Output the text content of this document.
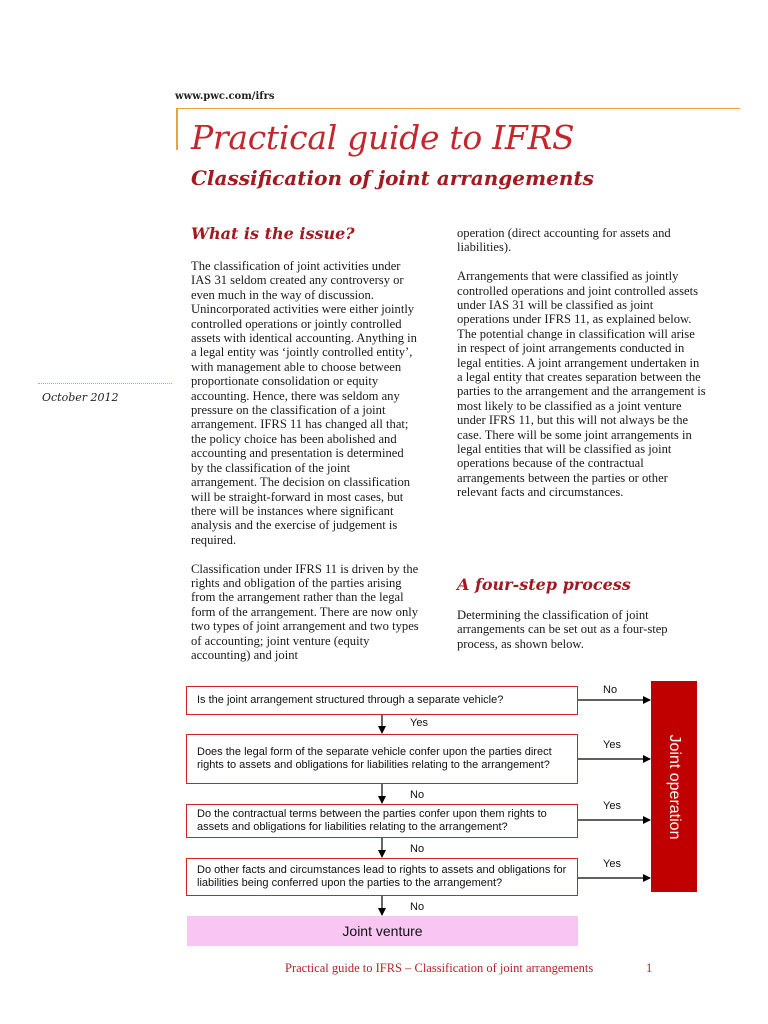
www.pwc.com/ifrs
Practical guide to IFRS
Classification of joint arrangements
October 2012
What is the issue?

The classification of joint activities under IAS 31 seldom created any controversy or even much in the way of discussion. Unincorporated activities were either jointly controlled operations or jointly controlled assets with identical accounting. Anything in a legal entity was ‘jointly controlled entity’, with management able to choose between proportionate consolidation or equity accounting. Hence, there was seldom any pressure on the classification of a joint arrangement. IFRS 11 has changed all that; the policy choice has been abolished and accounting and presentation is determined by the classification of the joint arrangement. The decision on classification will be straight-forward in most cases, but there will be instances where significant analysis and the exercise of judgement is required.

Classification under IFRS 11 is driven by the rights and obligation of the parties arising from the arrangement rather than the legal form of the arrangement. There are now only two types of joint arrangement and two types of accounting; joint venture (equity accounting) and joint

operation (direct accounting for assets and liabilities).

Arrangements that were classified as jointly controlled operations and joint controlled assets under IAS 31 will be classified as joint operations under IFRS 11, as explained below. The potential change in classification will arise in respect of joint arrangements conducted in legal entities. A joint arrangement undertaken in a legal entity that creates separation between the parties to the arrangement and the arrangement is most likely to be classified as a joint venture under IFRS 11, but this will not always be the case. There will be some joint arrangements in legal entities that will be classified as joint operations because of the contractual arrangements between the parties or other relevant facts and circumstances.

A four-step process

Determining the classification of joint arrangements can be set out as a four-step process, as shown below.

Is the joint arrangement structured through a separate vehicle?
Does the legal form of the separate vehicle confer upon the parties direct rights to assets and obligations for liabilities relating to the arrangement?
Do the contractual terms between the parties confer upon them rights to assets and obligations for liabilities relating to the arrangement?
Do other facts and circumstances lead to rights to assets and obligations for liabilities being conferred upon the parties to the arrangement?
Yes
No
No
No
No
Yes
Yes
Yes
Joint venture
Joint operation
Practical guide to IFRS – Classification of joint arrangements	1
